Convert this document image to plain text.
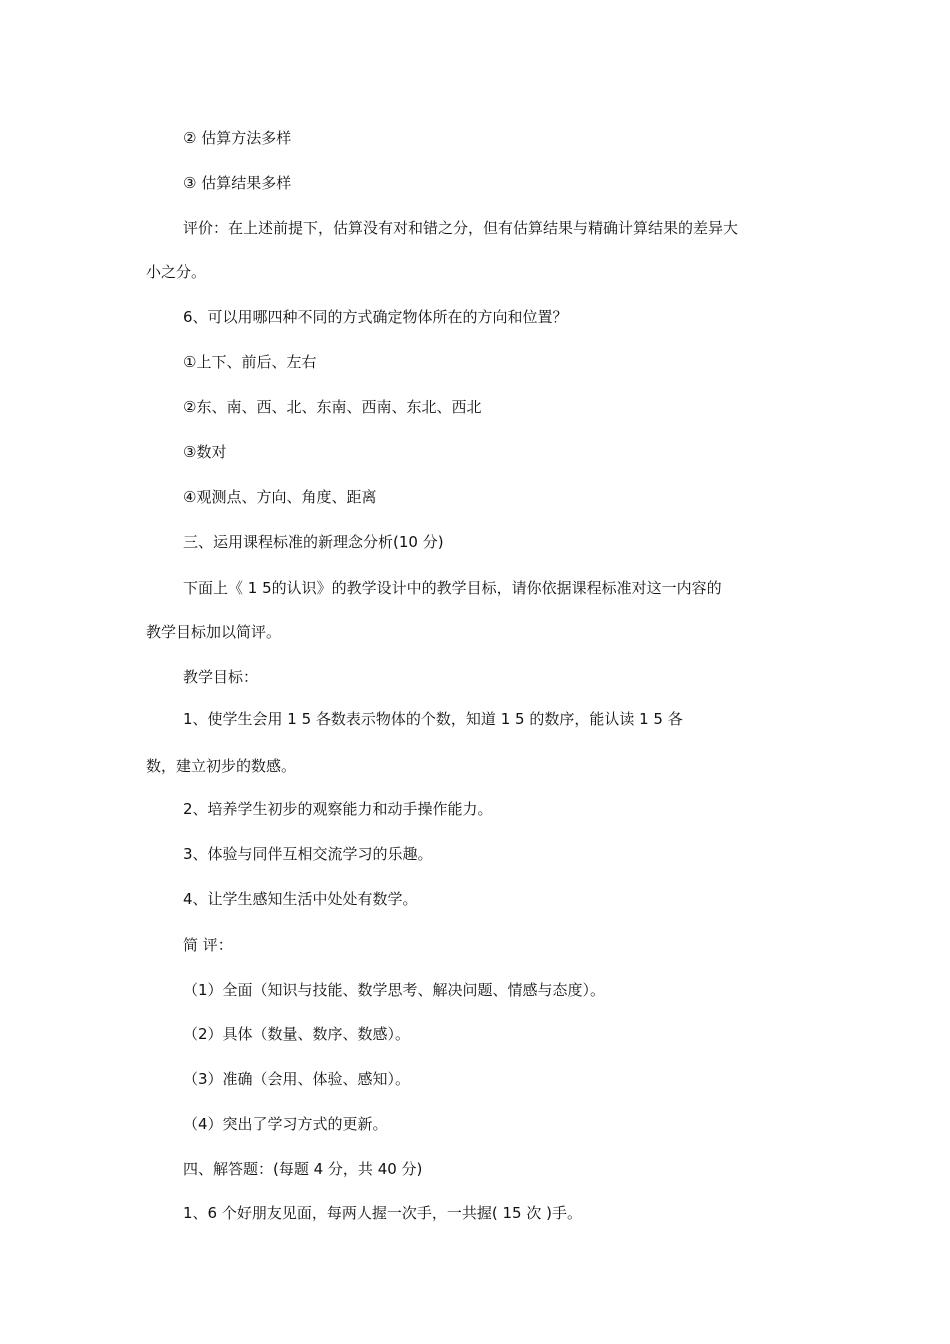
② 估算方法多样
③ 估算结果多样
评价：在上述前提下，估算没有对和错之分，但有估算结果与精确计算结果的差异大
小之分。
6、可以用哪四种不同的方式确定物体所在的方向和位置？
①上下、前后、左右
②东、南、西、北、东南、西南、东北、西北
③数对
④观测点、方向、角度、距离
三、运用课程标准的新理念分析(10 分)
下面上《 1 5的认识》的教学设计中的教学目标，请你依据课程标准对这一内容的
教学目标加以简评。
教学目标：
1、使学生会用 1 5 各数表示物体的个数，知道 1 5 的数序，能认读 1 5 各
数，建立初步的数感。
2、培养学生初步的观察能力和动手操作能力。
3、体验与同伴互相交流学习的乐趣。
4、让学生感知生活中处处有数学。
简 评：
（1）全面（知识与技能、数学思考、解决问题、情感与态度）。
（2）具体（数量、数序、数感）。
（3）准确（会用、体验、感知）。
（4）突出了学习方式的更新。
四、解答题：(每题 4 分，共 40 分)
1、6 个好朋友见面，每两人握一次手，一共握( 15 次 )手。
